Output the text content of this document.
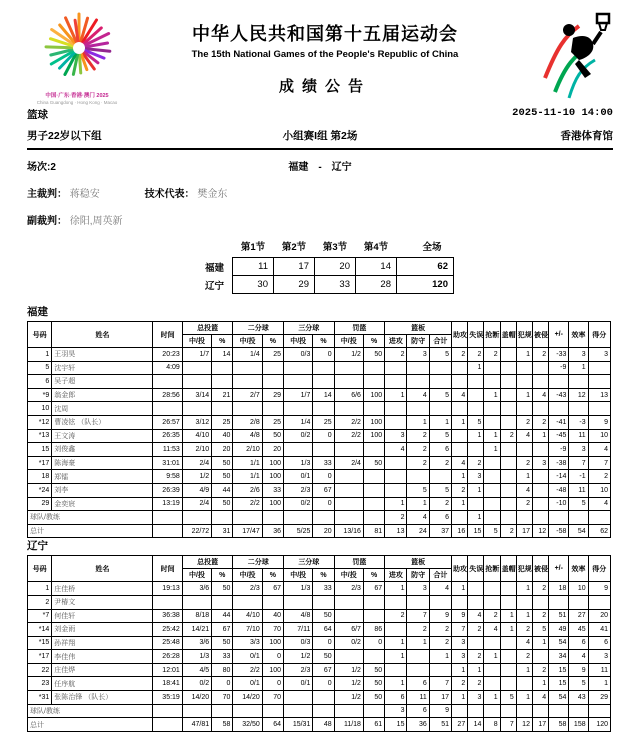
中国·广东·香港·澳门 2025
China Guangdong · Hong Kong · Macao
中华人民共和国第十五届运动会
The 15th National Games of the People's Republic of China
成绩公告
篮球	2025-11-10 14:00
男子22岁以下组	小组赛I组 第2场	香港体育馆
场次:2	福建　-　辽宁
主裁判： 蒋稳安	技术代表： 樊金东
副裁判： 徐阳,周英新
	第1节	第2节	第3节	第4节	全场
福建	11	17	20	14	62
辽宁	30	29	33	28	120
福建
号码	姓名	时间	总投篮		二分球		三分球		罚篮		篮板			助攻	失误	抢断	盖帽	犯规	被侵	+/-	效率	得分
			中/投	%	中/投	%	中/投	%	中/投	%	进攻	防守	合计									
1	王羽昊	20:23	1/7	14	1/4	25	0/3	0	1/2	50	2	3	5	2	2	2		1	2	-33	3	3
5	沈宇轩	4:09													1					-9	1	
6	吴子超																					
*9	翁金郎	28:56	3/14	21	2/7	29	1/7	14	6/6	100	1	4	5	4		1		1	4	-43	12	13
10	沈周																					
*12	曹凌铉 （队长）	26:57	3/12	25	2/8	25	1/4	25	2/2	100		1	1	1	5			2	2	-41	-3	9
*13	王文涛	26:35	4/10	40	4/8	50	0/2	0	2/2	100	3	2	5		1	1	2	4	1	-45	11	10
15	刘俊鑫	11:53	2/10	20	2/10	20					4	2	6			1				-9	3	4
*17	陈海豪	31:01	2/4	50	1/1	100	1/3	33	2/4	50		2	2	4	2			2	3	-38	7	7
18	郑镭	9:58	1/2	50	1/1	100	0/1	0						1	3			1		-14	-1	2
*24	刘李	26:39	4/9	44	2/6	33	2/3	67				5	5	2	1			4		-48	11	10
29	金奕宸	13:19	2/4	50	2/2	100	0/2	0			1	1	2	1				2		-10	5	4
球队/教练											2	4	6		1							
总计			22/72	31	17/47	36	5/25	20	13/16	81	13	24	37	16	15	5	2	17	12	-58	54	62
辽宁
号码	姓名	时间	总投篮		二分球		三分球		罚篮		篮板			助攻	失误	抢断	盖帽	犯规	被侵	+/-	效率	得分
			中/投	%	中/投	%	中/投	%	中/投	%	进攻	防守	合计									
1	庄佳桥	19:13	3/6	50	2/3	67	1/3	33	2/3	67	1	3	4	1				1	2	18	10	9
2	尹椿文																					
*7	何佳轩	36:38	8/18	44	4/10	40	4/8	50			2	7	9	9	4	2	1	1	2	51	27	20
*14	刘金雨	25:42	14/21	67	7/10	70	7/11	64	6/7	86		2	2	7	2	4	1	2	5	49	45	41
*15	孙祥翔	25:48	3/6	50	3/3	100	0/3	0	0/2	0	1	1	2	3				4	1	54	6	6
*17	李佳伟	26:28	1/3	33	0/1	0	1/2	50			1		1	3	2	1		2		34	4	3
22	庄佳烨	12:01	4/5	80	2/2	100	2/3	67	1/2	50				1	1			1	2	15	9	11
23	任序航	18:41	0/2	0	0/1	0	0/1	0	1/2	50	1	6	7	2	2				1	15	5	1
*31	张陈治锋 （队长）	35:19	14/20	70	14/20	70			1/2	50	6	11	17	1	3	1	5	1	4	54	43	29
球队/教练											3	6	9									
总计			47/81	58	32/50	64	15/31	48	11/18	61	15	36	51	27	14	8	7	12	17	58	158	120
